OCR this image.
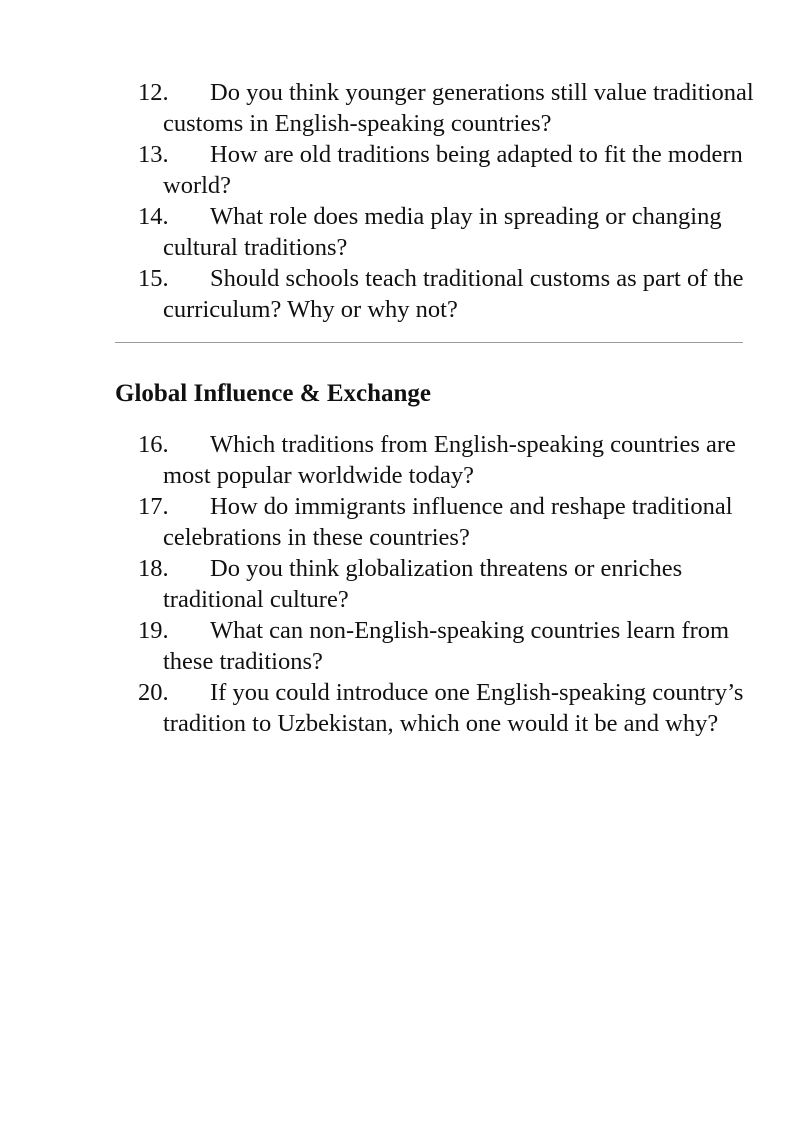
12. Do you think younger generations still value traditional customs in English-speaking countries?
13. How are old traditions being adapted to fit the modern world?
14. What role does media play in spreading or changing cultural traditions?
15. Should schools teach traditional customs as part of the curriculum? Why or why not?
Global Influence & Exchange
16. Which traditions from English-speaking countries are most popular worldwide today?
17. How do immigrants influence and reshape traditional celebrations in these countries?
18. Do you think globalization threatens or enriches traditional culture?
19. What can non-English-speaking countries learn from these traditions?
20. If you could introduce one English-speaking country’s tradition to Uzbekistan, which one would it be and why?
